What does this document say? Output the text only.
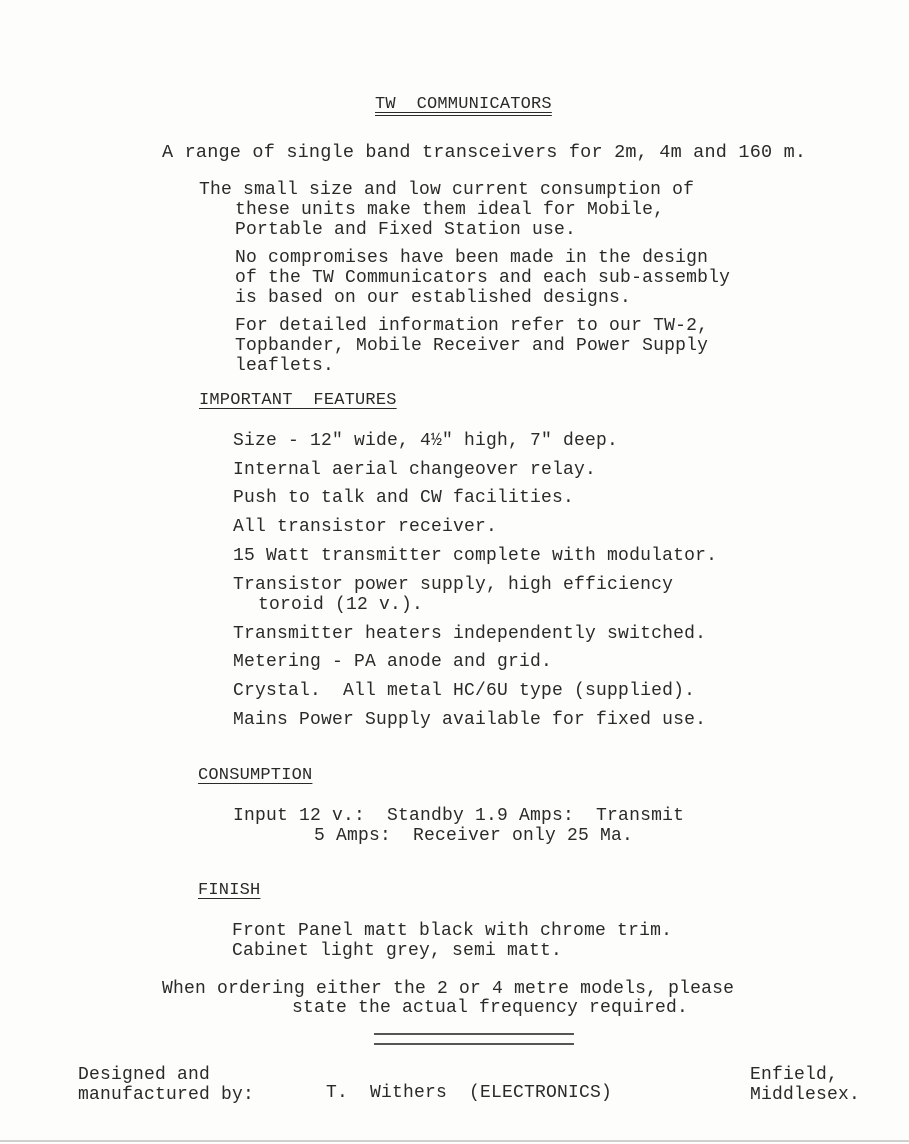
TW  COMMUNICATORS
A range of single band transceivers for 2m, 4m and 160 m.
The small size and low current consumption of
these units make them ideal for Mobile,
Portable and Fixed Station use.
No compromises have been made in the design
of the TW Communicators and each sub-assembly
is based on our established designs.
For detailed information refer to our TW-2,
Topbander, Mobile Receiver and Power Supply
leaflets.
IMPORTANT  FEATURES
Size - 12" wide, 4½" high, 7" deep.
Internal aerial changeover relay.
Push to talk and CW facilities.
All transistor receiver.
15 Watt transmitter complete with modulator.
Transistor power supply, high efficiency
toroid (12 v.).
Transmitter heaters independently switched.
Metering - PA anode and grid.
Crystal.  All metal HC/6U type (supplied).
Mains Power Supply available for fixed use.
CONSUMPTION
Input 12 v.:  Standby 1.9 Amps:  Transmit
5 Amps:  Receiver only 25 Ma.
FINISH
Front Panel matt black with chrome trim.
Cabinet light grey, semi matt.
When ordering either the 2 or 4 metre models, please
state the actual frequency required.
Designed and
manufactured by:	T.  Withers  (ELECTRONICS)
Enfield,
Middlesex.
